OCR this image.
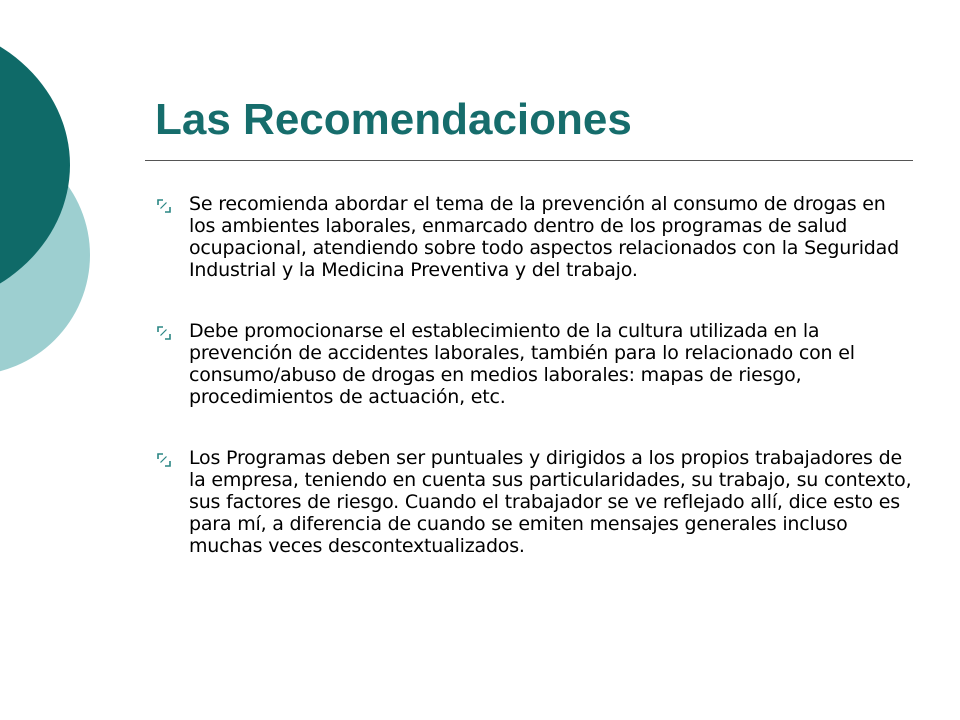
Las Recomendaciones
Se recomienda abordar el tema de la prevención al consumo de drogas en los ambientes laborales, enmarcado dentro de los programas de salud ocupacional, atendiendo sobre todo aspectos relacionados con la Seguridad Industrial y la Medicina Preventiva y del trabajo.
Debe promocionarse el establecimiento de la cultura utilizada en la prevención de accidentes laborales, también para lo relacionado con el consumo/abuso de drogas en medios laborales: mapas de riesgo, procedimientos de actuación, etc.
Los Programas deben ser puntuales y dirigidos a los propios trabajadores de la empresa, teniendo en cuenta sus particularidades, su trabajo, su contexto, sus factores de riesgo. Cuando el trabajador se ve reflejado allí, dice esto es para mí, a diferencia de cuando se emiten mensajes generales incluso muchas veces descontextualizados.
